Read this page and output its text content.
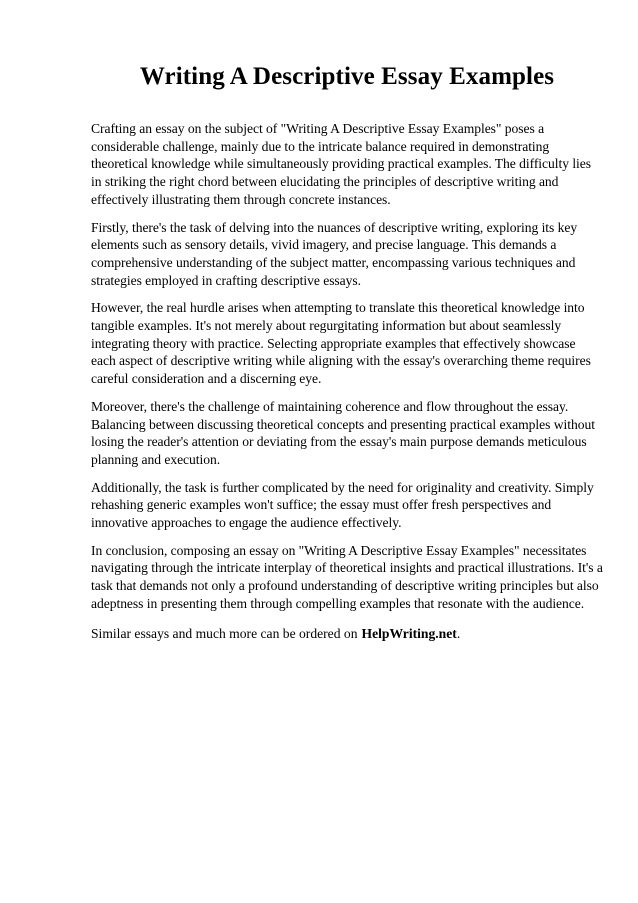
Writing A Descriptive Essay Examples

Crafting an essay on the subject of "Writing A Descriptive Essay Examples" poses a considerable challenge, mainly due to the intricate balance required in demonstrating theoretical knowledge while simultaneously providing practical examples. The difficulty lies in striking the right chord between elucidating the principles of descriptive writing and effectively illustrating them through concrete instances.

Firstly, there's the task of delving into the nuances of descriptive writing, exploring its key elements such as sensory details, vivid imagery, and precise language. This demands a comprehensive understanding of the subject matter, encompassing various techniques and strategies employed in crafting descriptive essays.

However, the real hurdle arises when attempting to translate this theoretical knowledge into tangible examples. It's not merely about regurgitating information but about seamlessly integrating theory with practice. Selecting appropriate examples that effectively showcase each aspect of descriptive writing while aligning with the essay's overarching theme requires careful consideration and a discerning eye.

Moreover, there's the challenge of maintaining coherence and flow throughout the essay. Balancing between discussing theoretical concepts and presenting practical examples without losing the reader's attention or deviating from the essay's main purpose demands meticulous planning and execution.

Additionally, the task is further complicated by the need for originality and creativity. Simply rehashing generic examples won't suffice; the essay must offer fresh perspectives and innovative approaches to engage the audience effectively.

In conclusion, composing an essay on "Writing A Descriptive Essay Examples" necessitates navigating through the intricate interplay of theoretical insights and practical illustrations. It's a task that demands not only a profound understanding of descriptive writing principles but also adeptness in presenting them through compelling examples that resonate with the audience.

Similar essays and much more can be ordered on HelpWriting.net.
